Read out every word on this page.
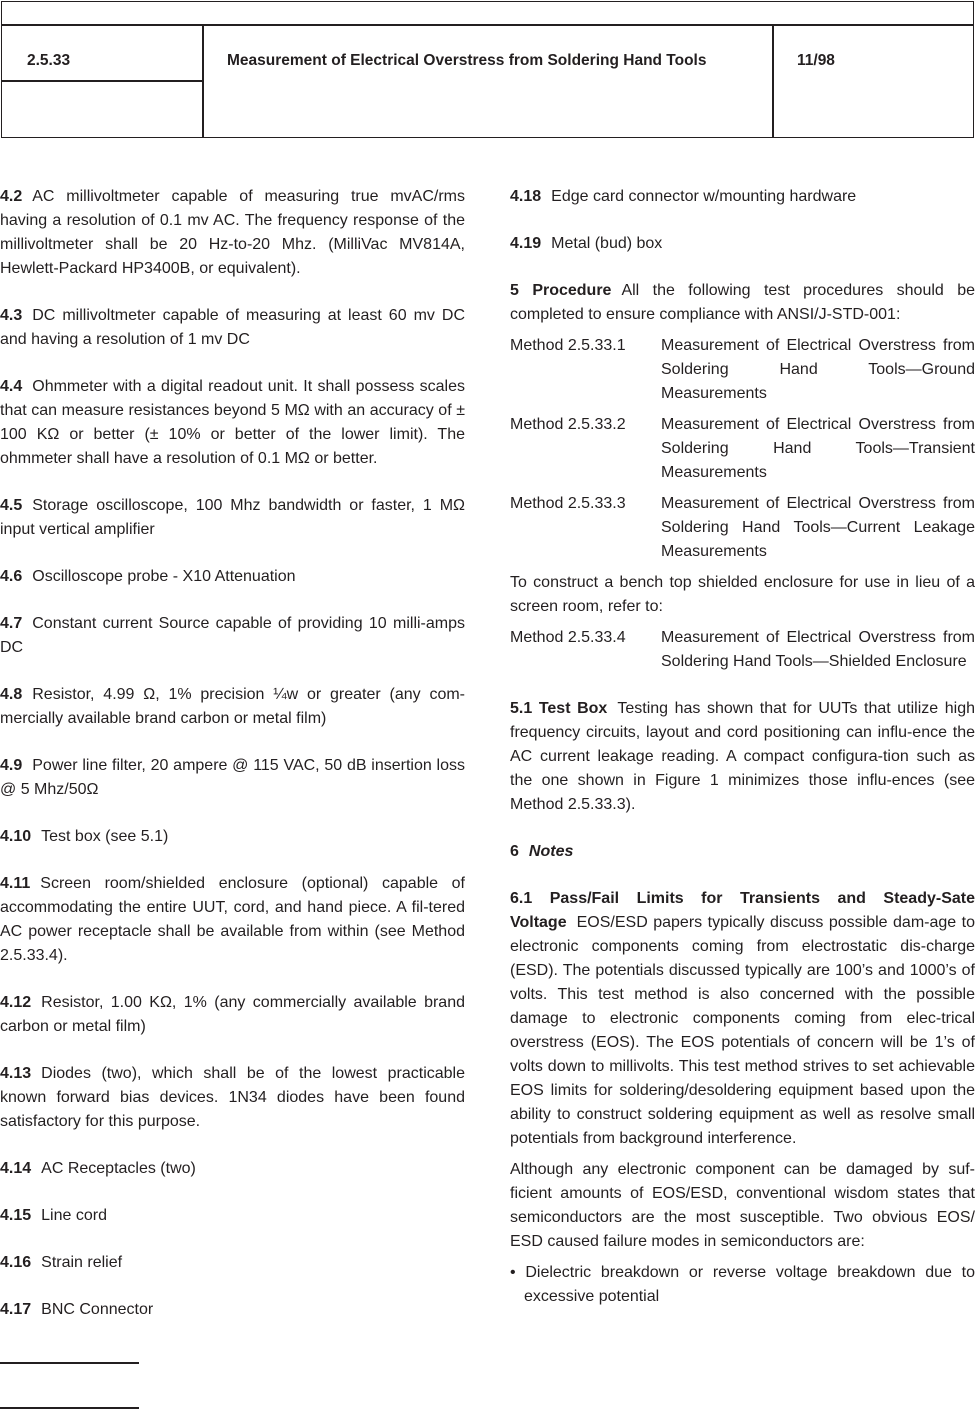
2.5.33	Measurement of Electrical Overstress from Soldering Hand Tools	11/98

4.2 AC millivoltmeter capable of measuring true mvAC/rms having a resolution of 0.1 mv AC. The frequency response of the millivoltmeter shall be 20 Hz-to-20 Mhz. (MilliVac MV814A, Hewlett-Packard HP3400B, or equivalent).

4.3 DC millivoltmeter capable of measuring at least 60 mv DC and having a resolution of 1 mv DC

4.4 Ohmmeter with a digital readout unit. It shall possess scales that can measure resistances beyond 5 MΩ with an accuracy of ± 100 KΩ or better (± 10% or better of the lower limit). The ohmmeter shall have a resolution of 0.1 MΩ or better.

4.5 Storage oscilloscope, 100 Mhz bandwidth or faster, 1 MΩ input vertical amplifier

4.6 Oscilloscope probe - X10 Attenuation

4.7 Constant current Source capable of providing 10 milli-amps DC

4.8 Resistor, 4.99 Ω, 1% precision ¼w or greater (any com-mercially available brand carbon or metal film)

4.9 Power line filter, 20 ampere @ 115 VAC, 50 dB insertion loss @ 5 Mhz/50Ω

4.10 Test box (see 5.1)

4.11 Screen room/shielded enclosure (optional) capable of accommodating the entire UUT, cord, and hand piece. A fil-tered AC power receptacle shall be available from within (see Method 2.5.33.4).

4.12 Resistor, 1.00 KΩ, 1% (any commercially available brand carbon or metal film)

4.13 Diodes (two), which shall be of the lowest practicable known forward bias devices. 1N34 diodes have been found satisfactory for this purpose.

4.14 AC Receptacles (two)

4.15 Line cord

4.16 Strain relief

4.17 BNC Connector

4.18 Edge card connector w/mounting hardware

4.19 Metal (bud) box

5 Procedure All the following test procedures should be completed to ensure compliance with ANSI/J-STD-001:

Method 2.5.33.1	Measurement of Electrical Overstress from Soldering Hand Tools—Ground Measurements
Method 2.5.33.2	Measurement of Electrical Overstress from Soldering Hand Tools—Transient Measurements
Method 2.5.33.3	Measurement of Electrical Overstress from Soldering Hand Tools—Current Leakage Measurements

To construct a bench top shielded enclosure for use in lieu of a screen room, refer to:

Method 2.5.33.4	Measurement of Electrical Overstress from Soldering Hand Tools—Shielded Enclosure

5.1 Test Box Testing has shown that for UUTs that utilize high frequency circuits, layout and cord positioning can influ-ence the AC current leakage reading. A compact configura-tion such as the one shown in Figure 1 minimizes those influ-ences (see Method 2.5.33.3).

6 Notes

6.1 Pass/Fail Limits for Transients and Steady-Sate Voltage EOS/ESD papers typically discuss possible dam-age to electronic components coming from electrostatic dis-charge (ESD). The potentials discussed typically are 100’s and 1000’s of volts. This test method is also concerned with the possible damage to electronic components coming from elec-trical overstress (EOS). The EOS potentials of concern will be 1’s of volts down to millivolts. This test method strives to set achievable EOS limits for soldering/desoldering equipment based upon the ability to construct soldering equipment as well as resolve small potentials from background interference.

Although any electronic component can be damaged by suf-ficient amounts of EOS/ESD, conventional wisdom states that semiconductors are the most susceptible. Two obvious EOS/ ESD caused failure modes in semiconductors are:

• Dielectric breakdown or reverse voltage breakdown due to excessive potential
